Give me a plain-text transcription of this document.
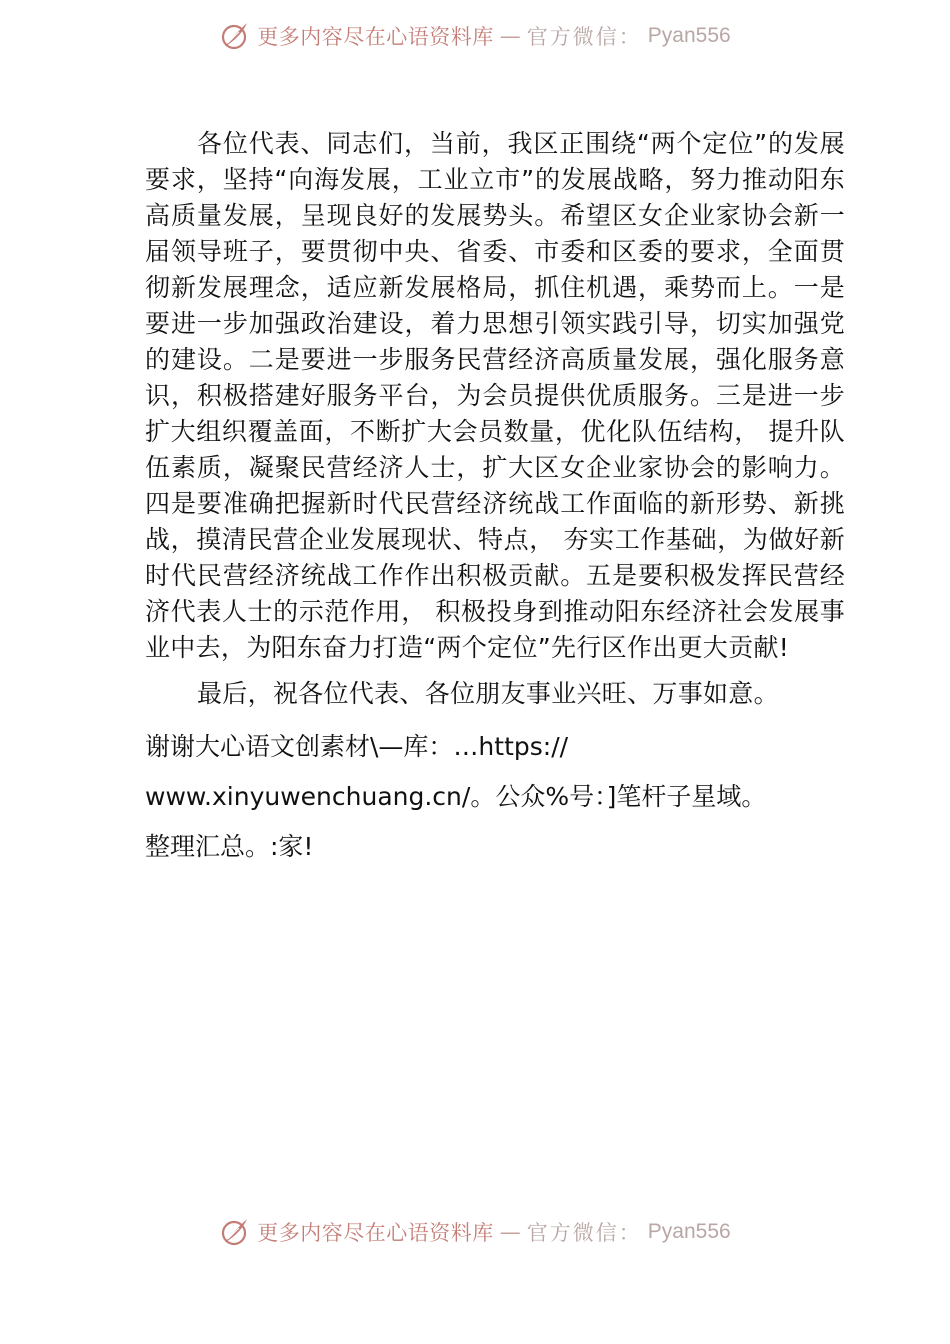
更多内容尽在心语资料库 — 官方微信： Pyan556

各位代表、同志们，当前，我区正围绕“两个定位”的发展要求，坚持“向海发展，工业立市”的发展战略，努力推动阳东高质量发展，呈现良好的发展势头。希望区女企业家协会新一届领导班子，要贯彻中央、省委、市委和区委的要求，全面贯彻新发展理念，适应新发展格局，抓住机遇，乘势而上。一是要进一步加强政治建设，着力思想引领实践引导，切实加强党的建设。二是要进一步服务民营经济高质量发展，强化服务意识，积极搭建好服务平台，为会员提供优质服务。三是进一步扩大组织覆盖面，不断扩大会员数量，优化队伍结构， 提升队伍素质，凝聚民营经济人士，扩大区女企业家协会的影响力。四是要准确把握新时代民营经济统战工作面临的新形势、新挑战，摸清民营企业发展现状、特点， 夯实工作基础，为做好新时代民营经济统战工作作出积极贡献。五是要积极发挥民营经济代表人士的示范作用， 积极投身到推动阳东经济社会发展事业中去，为阳东奋力打造“两个定位”先行区作出更大贡献!

最后，祝各位代表、各位朋友事业兴旺、万事如意。

谢谢大心语文创素材\—库：…https://

www.xinyuwenchuang.cn/。公众%号：]笔杆子星域。

整理汇总。:家!

更多内容尽在心语资料库 — 官方微信： Pyan556
